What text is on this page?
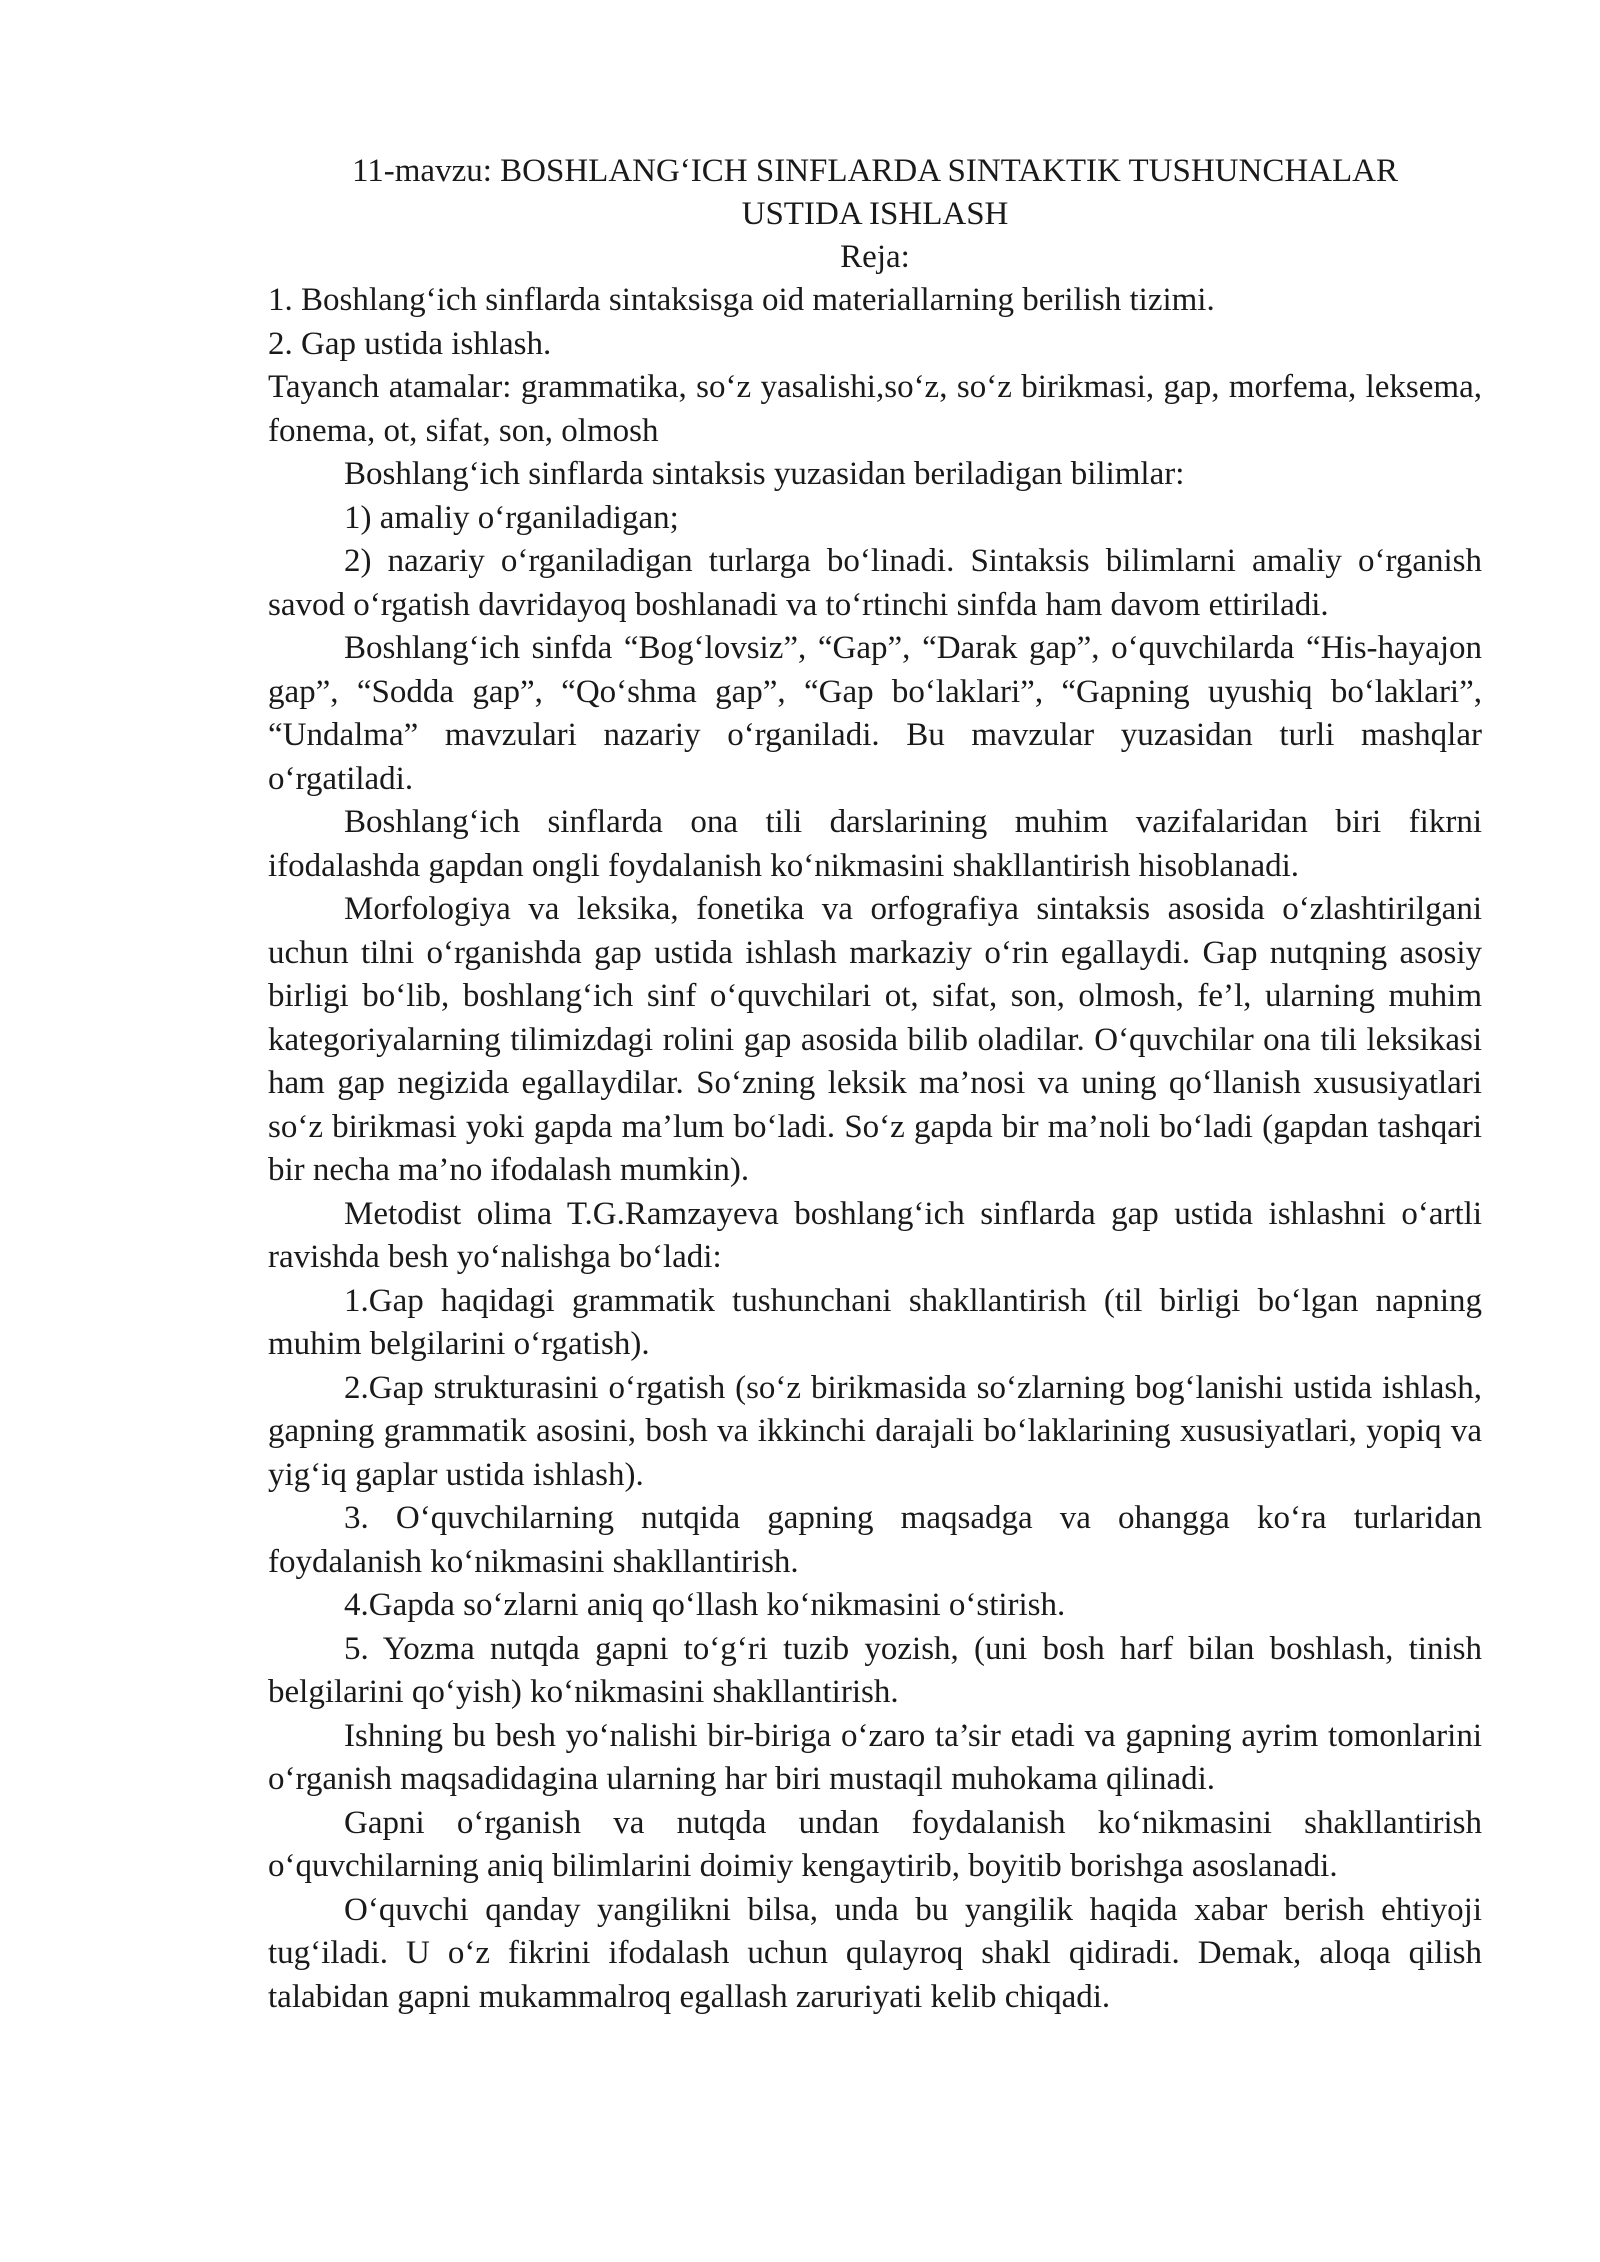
11-mavzu: BOSHLANG‘ICH SINFLARDA SINTAKTIK TUSHUNCHALAR
USTIDA ISHLASH
Reja:

1. Boshlang‘ich sinflarda sintaksisga oid materiallarning berilish tizimi.

2. Gap ustida ishlash.

Tayanch atamalar: grammatika, so‘z yasalishi,so‘z, so‘z birikmasi, gap, morfema, leksema, fonema, ot, sifat, son, olmosh

Boshlang‘ich sinflarda sintaksis yuzasidan beriladigan bilimlar:

1) amaliy o‘rganiladigan;

2) nazariy o‘rganiladigan turlarga bo‘linadi. Sintaksis bilimlarni amaliy o‘rganish savod o‘rgatish davridayoq boshlanadi va to‘rtinchi sinfda ham davom ettiriladi.

Boshlang‘ich sinfda “Bog‘lovsiz”, “Gap”, “Darak gap”, o‘quvchilarda “His-hayajon gap”, “Sodda gap”, “Qo‘shma gap”, “Gap bo‘laklari”, “Gapning uyushiq bo‘laklari”, “Undalma” mavzulari nazariy o‘rganiladi. Bu mavzular yuzasidan turli mashqlar o‘rgatiladi.

Boshlang‘ich sinflarda ona tili darslarining muhim vazifalaridan biri fikrni ifodalashda gapdan ongli foydalanish ko‘nikmasini shakllantirish hisoblanadi.

Morfologiya va leksika, fonetika va orfografiya sintaksis asosida o‘zlashtirilgani uchun tilni o‘rganishda gap ustida ishlash markaziy o‘rin egallaydi. Gap nutqning asosiy birligi bo‘lib, boshlang‘ich sinf o‘quvchilari ot, sifat, son, olmosh, fe’l, ularning muhim kategoriyalarning tilimizdagi rolini gap asosida bilib oladilar. O‘quvchilar ona tili leksikasi ham gap negizida egallaydilar. So‘zning leksik ma’nosi va uning qo‘llanish xususiyatlari so‘z birikmasi yoki gapda ma’lum bo‘ladi. So‘z gapda bir ma’noli bo‘ladi (gapdan tashqari bir necha ma’no ifodalash mumkin).

Metodist olima T.G.Ramzayeva boshlang‘ich sinflarda gap ustida ishlashni o‘artli ravishda besh yo‘nalishga bo‘ladi:

1.Gap haqidagi grammatik tushunchani shakllantirish (til birligi bo‘lgan napning muhim belgilarini o‘rgatish).

2.Gap strukturasini o‘rgatish (so‘z birikmasida so‘zlarning bog‘lanishi ustida ishlash, gapning grammatik asosini, bosh va ikkinchi darajali bo‘laklarining xususiyatlari, yopiq va yig‘iq gaplar ustida ishlash).

3. O‘quvchilarning nutqida gapning maqsadga va ohangga ko‘ra turlaridan foydalanish ko‘nikmasini shakllantirish.

4.Gapda so‘zlarni aniq qo‘llash ko‘nikmasini o‘stirish.

5. Yozma nutqda gapni to‘g‘ri tuzib yozish, (uni bosh harf bilan boshlash, tinish belgilarini qo‘yish) ko‘nikmasini shakllantirish.

Ishning bu besh yo‘nalishi bir-biriga o‘zaro ta’sir etadi va gapning ayrim tomonlarini o‘rganish maqsadidagina ularning har biri mustaqil muhokama qilinadi.

Gapni o‘rganish va nutqda undan foydalanish ko‘nikmasini shakllantirish o‘quvchilarning aniq bilimlarini doimiy kengaytirib, boyitib borishga asoslanadi.

O‘quvchi qanday yangilikni bilsa, unda bu yangilik haqida xabar berish ehtiyoji tug‘iladi. U o‘z fikrini ifodalash uchun qulayroq shakl qidiradi. Demak, aloqa qilish talabidan gapni mukammalroq egallash zaruriyati kelib chiqadi.
